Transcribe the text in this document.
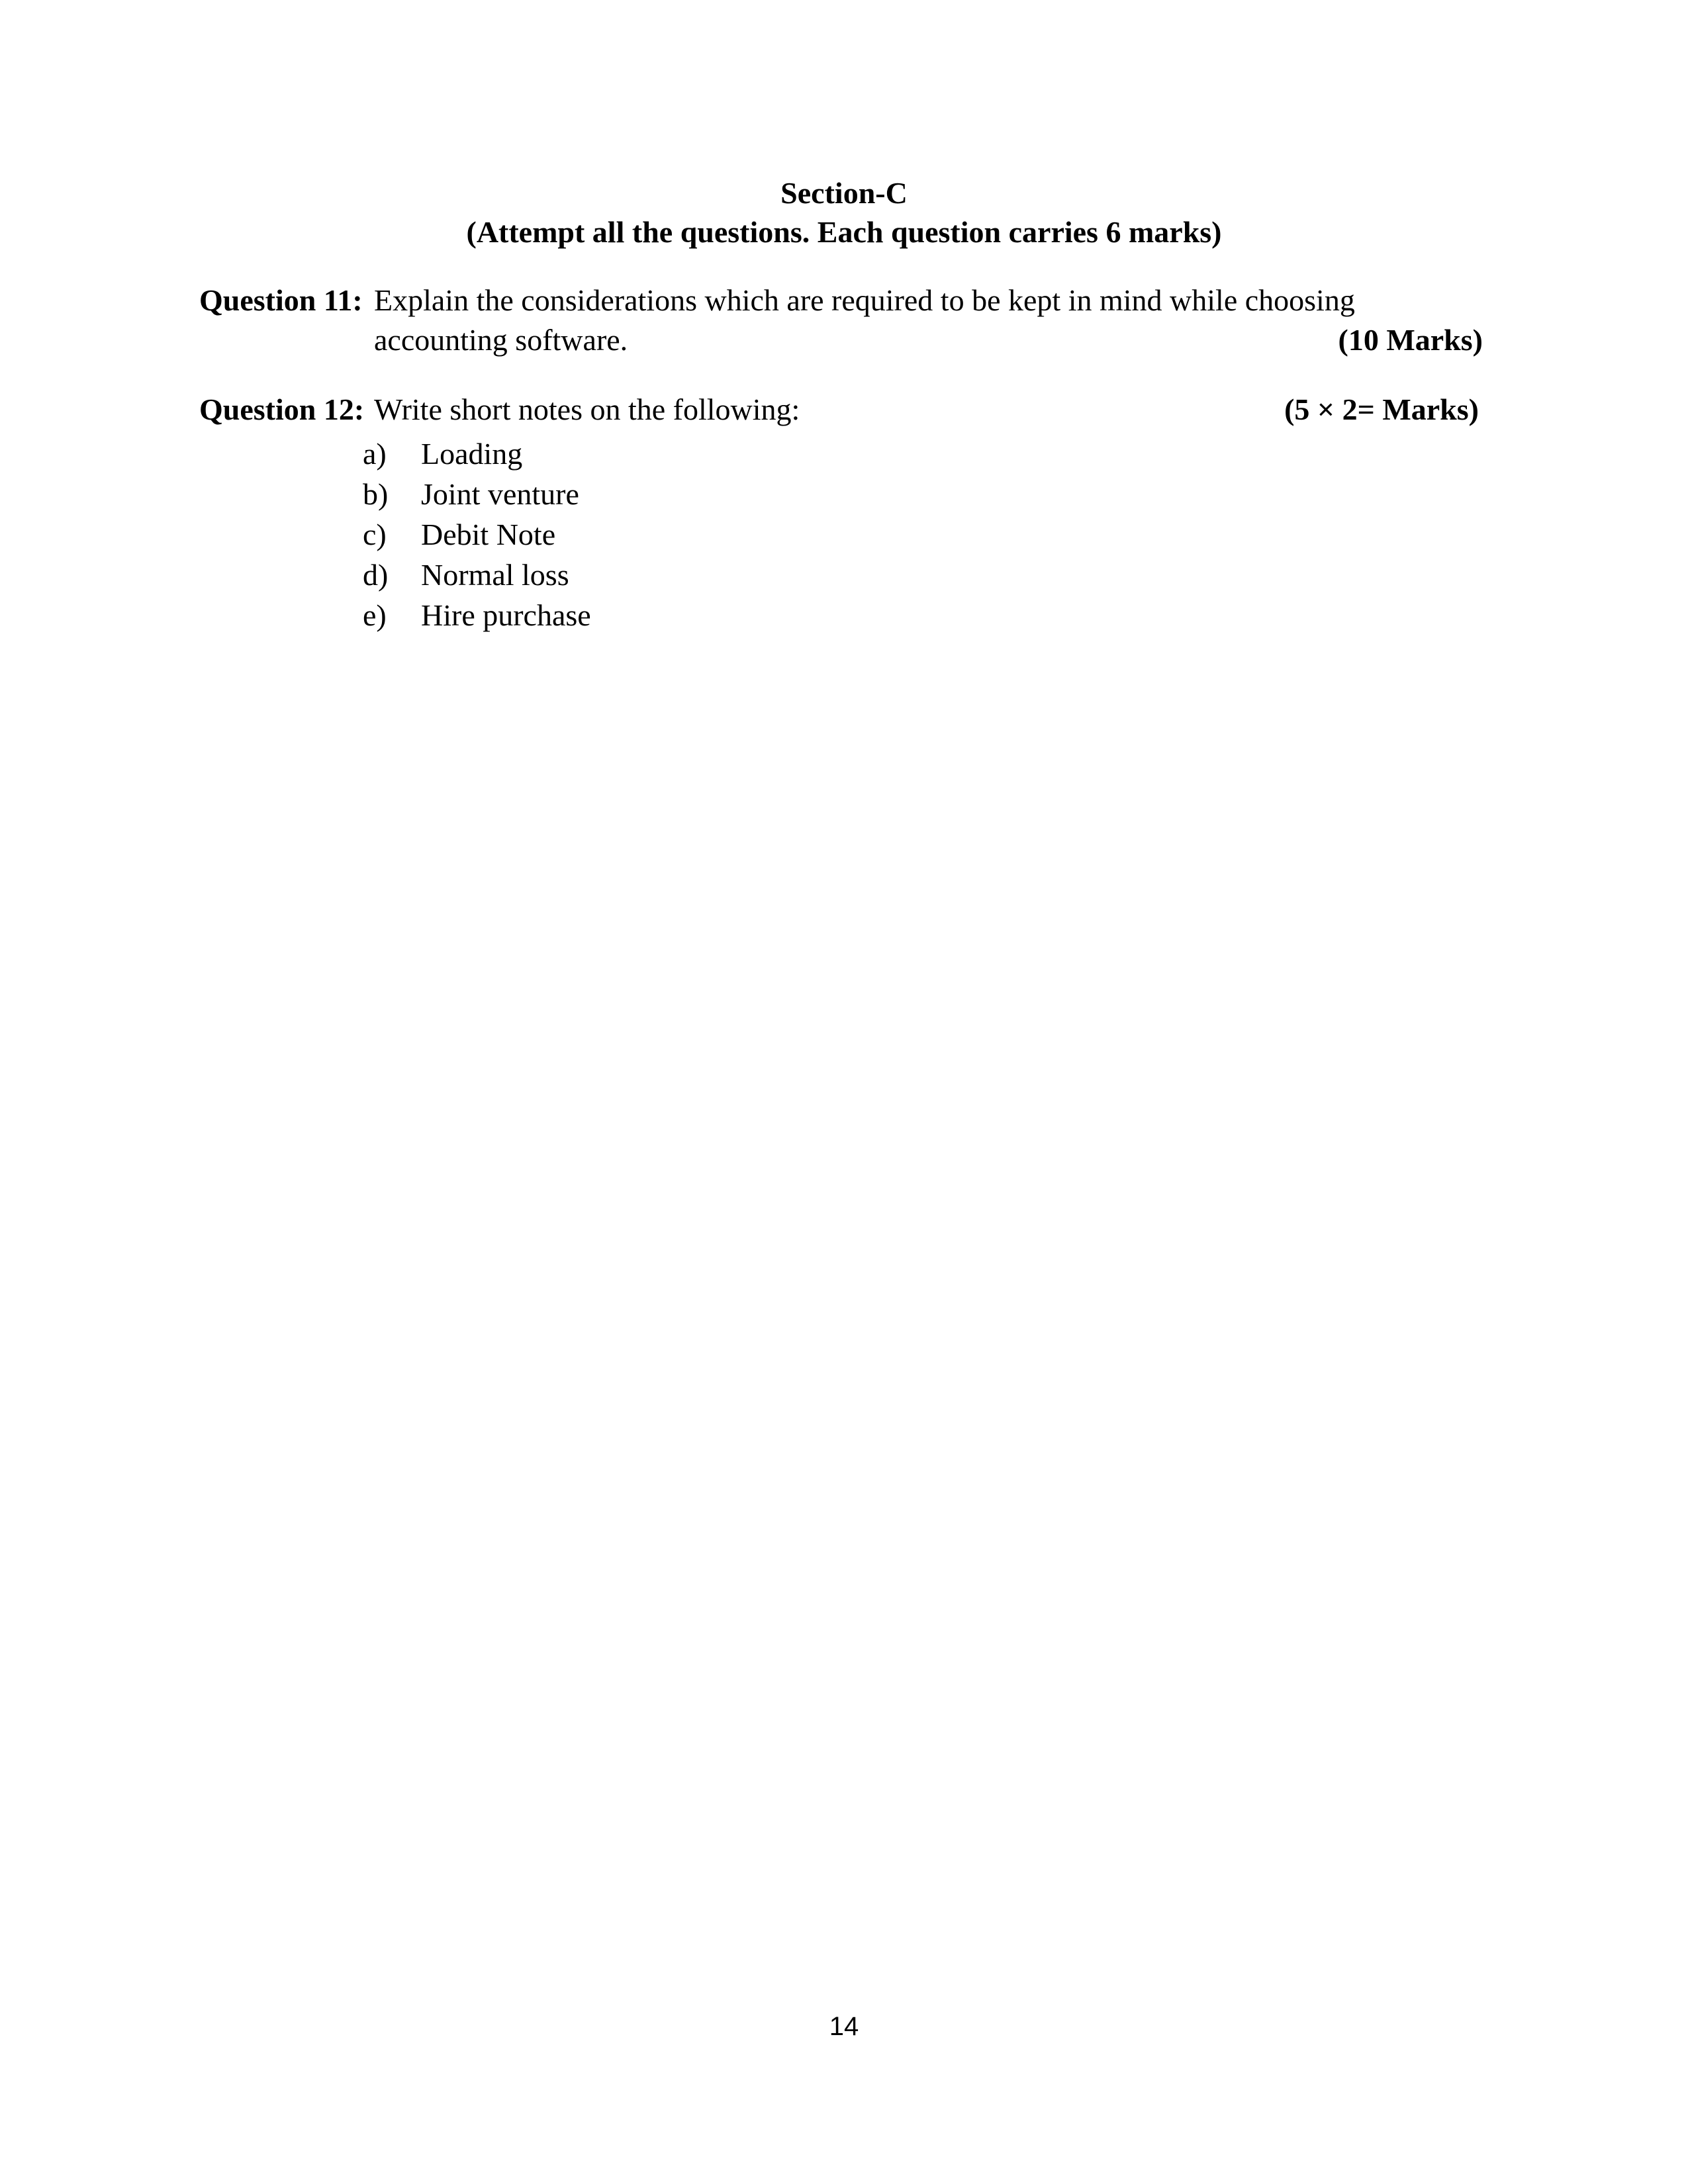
Section-C
(Attempt all the questions. Each question carries 6 marks)
Question 11: Explain the considerations which are required to be kept in mind while choosing
accounting software.	(10 Marks)
Question 12: Write short notes on the following:	(5 × 2= Marks)
a) Loading
b) Joint venture
c) Debit Note
d) Normal loss
e) Hire purchase
14
